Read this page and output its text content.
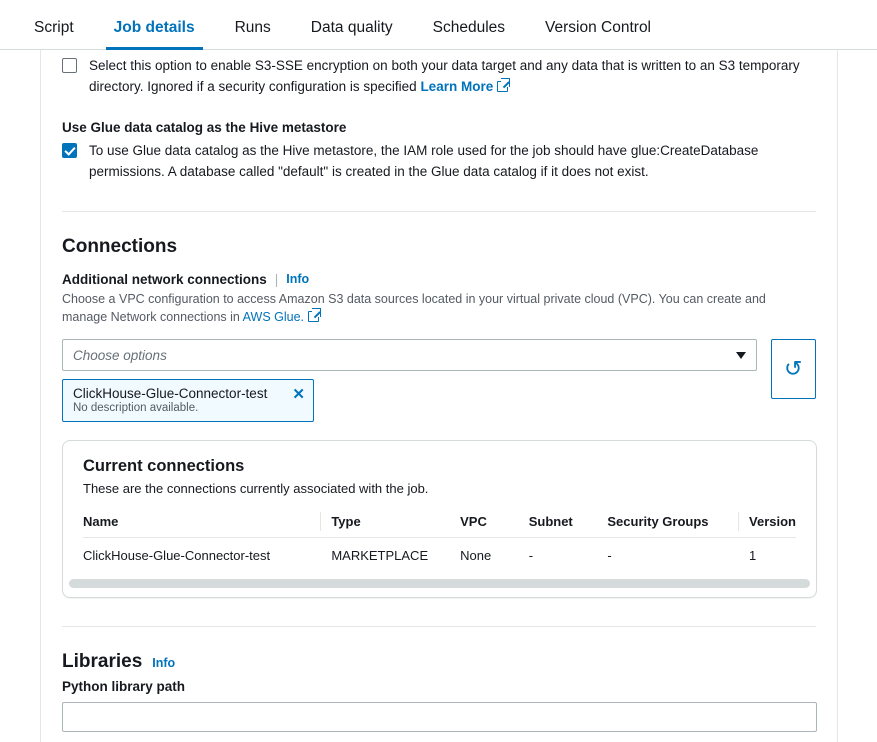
Script	Job details	Runs	Data quality	Schedules	Version Control
Select this option to enable S3-SSE encryption on both your data target and any data that is written to an S3 temporary directory. Ignored if a security configuration is specified Learn More
Use Glue data catalog as the Hive metastore
To use Glue data catalog as the Hive metastore, the IAM role used for the job should have glue:CreateDatabase permissions. A database called "default" is created in the Glue data catalog if it does not exist.
Connections
Additional network connections | Info
Choose a VPC configuration to access Amazon S3 data sources located in your virtual private cloud (VPC). You can create and manage Network connections in AWS Glue.
Choose options
ClickHouse-Glue-Connector-test
No description available.
✕
↻
Current connections
These are the connections currently associated with the job.
Name	Type	VPC	Subnet	Security Groups	Version
ClickHouse-Glue-Connector-test	MARKETPLACE	None	-	-	1
Libraries Info
Python library path
